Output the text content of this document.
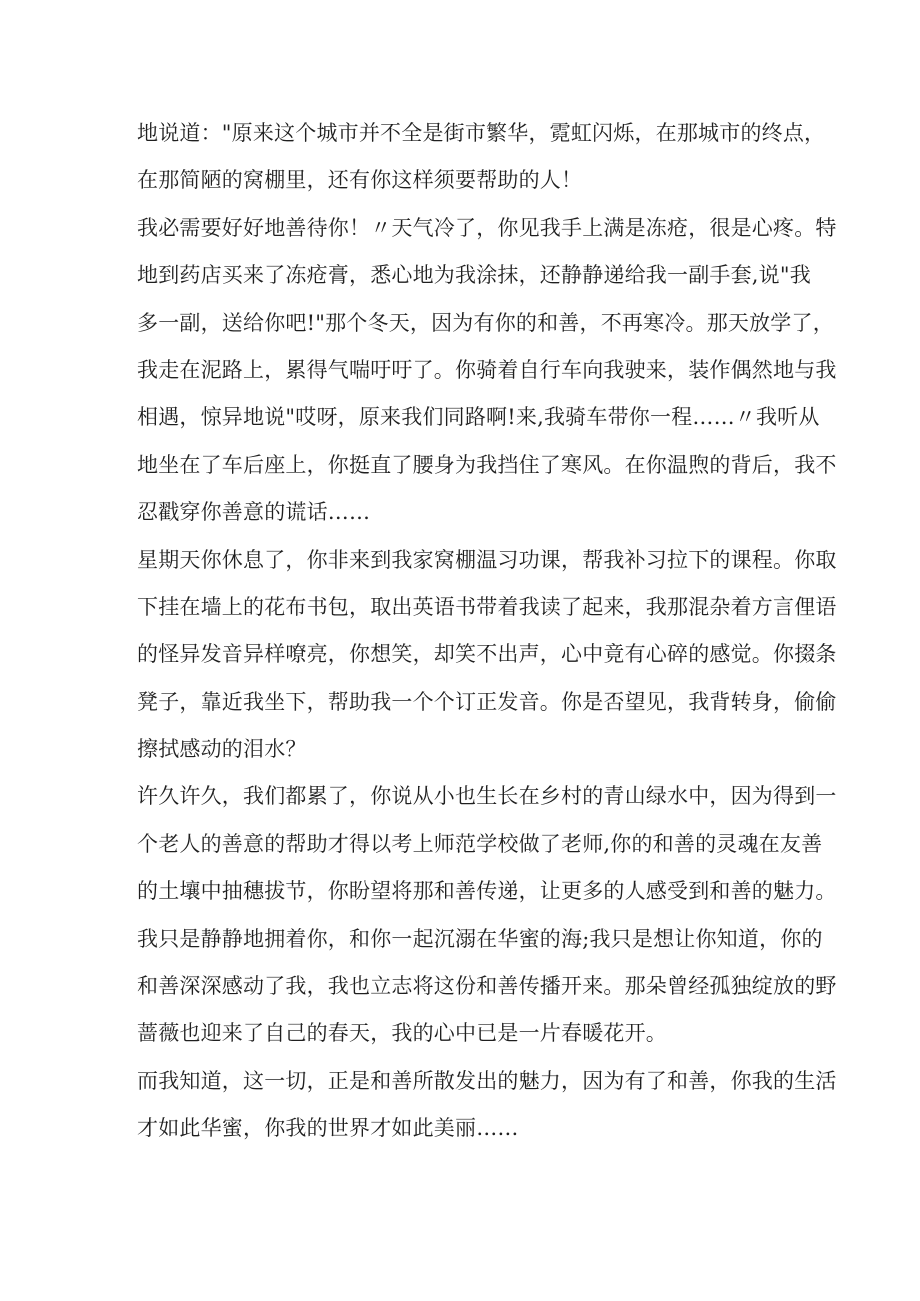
地说道："原来这个城市并不全是街市繁华，霓虹闪烁，在那城市的终点，
在那简陋的窝棚里，还有你这样须要帮助的人！
我必需要好好地善待你！〃天气冷了，你见我手上满是冻疮，很是心疼。特
地到药店买来了冻疮膏，悉心地为我涂抹，还静静递给我一副手套,说"我
多一副，送给你吧!"那个冬天，因为有你的和善，不再寒冷。那天放学了，
我走在泥路上，累得气喘吁吁了。你骑着自行车向我驶来，装作偶然地与我
相遇，惊异地说"哎呀，原来我们同路啊!来,我骑车带你一程……〃我听从
地坐在了车后座上，你挺直了腰身为我挡住了寒风。在你温煦的背后，我不
忍戳穿你善意的谎话……
星期天你休息了，你非来到我家窝棚温习功课，帮我补习拉下的课程。你取
下挂在墙上的花布书包，取出英语书带着我读了起来，我那混杂着方言俚语
的怪异发音异样嘹亮，你想笑，却笑不出声，心中竟有心碎的感觉。你掇条
凳子，靠近我坐下，帮助我一个个订正发音。你是否望见，我背转身，偷偷
擦拭感动的泪水？
许久许久，我们都累了，你说从小也生长在乡村的青山绿水中，因为得到一
个老人的善意的帮助才得以考上师范学校做了老师,你的和善的灵魂在友善
的土壤中抽穗拔节，你盼望将那和善传递，让更多的人感受到和善的魅力。
我只是静静地拥着你，和你一起沉溺在华蜜的海;我只是想让你知道，你的
和善深深感动了我，我也立志将这份和善传播开来。那朵曾经孤独绽放的野
蔷薇也迎来了自己的春天，我的心中已是一片春暖花开。
而我知道，这一切，正是和善所散发出的魅力，因为有了和善，你我的生活
才如此华蜜，你我的世界才如此美丽……
